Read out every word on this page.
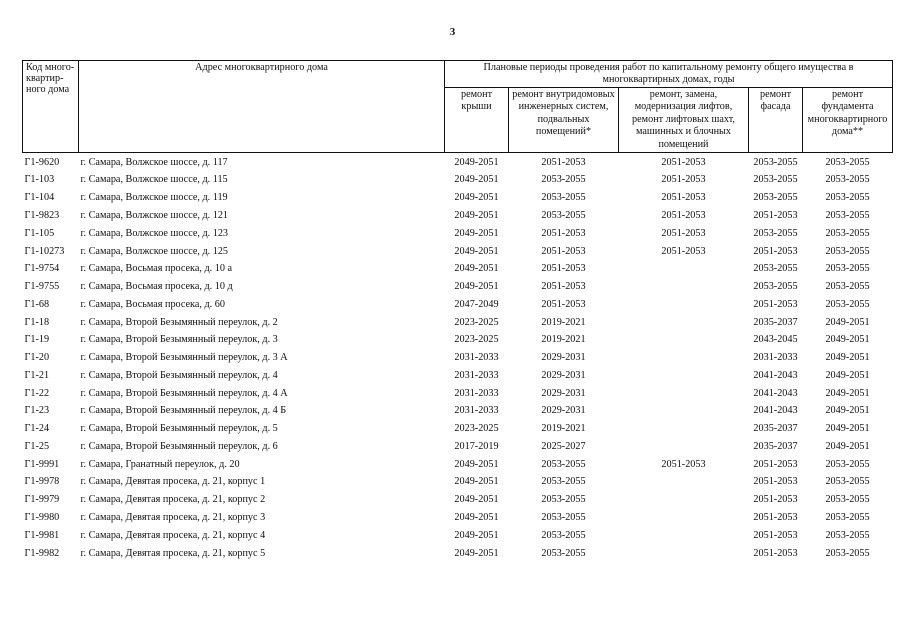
3
Код много-квартир-ного дома	Адрес многоквартирного дома	Плановые периоды проведения работ по капитальному ремонту общего имущества в многоквартирных домах, годы				
		ремонт крыши	ремонт внутридомовых инженерных систем, подвальных помещений*	ремонт, замена, модернизация лифтов, ремонт лифтовых шахт, машинных и блочных помещений	ремонт фасада	ремонт фундамента многоквартирного дома**
Г1-9620	г. Самара, Волжское шоссе, д. 117	2049-2051	2051-2053	2051-2053	2053-2055	2053-2055
Г1-103	г. Самара, Волжское шоссе, д. 115	2049-2051	2053-2055	2051-2053	2053-2055	2053-2055
Г1-104	г. Самара, Волжское шоссе, д. 119	2049-2051	2053-2055	2051-2053	2053-2055	2053-2055
Г1-9823	г. Самара, Волжское шоссе, д. 121	2049-2051	2053-2055	2051-2053	2051-2053	2053-2055
Г1-105	г. Самара, Волжское шоссе, д. 123	2049-2051	2051-2053	2051-2053	2053-2055	2053-2055
Г1-10273	г. Самара, Волжское шоссе, д. 125	2049-2051	2051-2053	2051-2053	2051-2053	2053-2055
Г1-9754	г. Самара, Восьмая просека, д. 10 а	2049-2051	2051-2053		2053-2055	2053-2055
Г1-9755	г. Самара, Восьмая просека, д. 10 д	2049-2051	2051-2053		2053-2055	2053-2055
Г1-68	г. Самара, Восьмая просека, д. 60	2047-2049	2051-2053		2051-2053	2053-2055
Г1-18	г. Самара, Второй Безымянный переулок, д. 2	2023-2025	2019-2021		2035-2037	2049-2051
Г1-19	г. Самара, Второй Безымянный переулок, д. 3	2023-2025	2019-2021		2043-2045	2049-2051
Г1-20	г. Самара, Второй Безымянный переулок, д. 3 А	2031-2033	2029-2031		2031-2033	2049-2051
Г1-21	г. Самара, Второй Безымянный переулок, д. 4	2031-2033	2029-2031		2041-2043	2049-2051
Г1-22	г. Самара, Второй Безымянный переулок, д. 4 А	2031-2033	2029-2031		2041-2043	2049-2051
Г1-23	г. Самара, Второй Безымянный переулок, д. 4 Б	2031-2033	2029-2031		2041-2043	2049-2051
Г1-24	г. Самара, Второй Безымянный переулок, д. 5	2023-2025	2019-2021		2035-2037	2049-2051
Г1-25	г. Самара, Второй Безымянный переулок, д. 6	2017-2019	2025-2027		2035-2037	2049-2051
Г1-9991	г. Самара, Гранатный переулок, д. 20	2049-2051	2053-2055	2051-2053	2051-2053	2053-2055
Г1-9978	г. Самара, Девятая просека, д. 21, корпус 1	2049-2051	2053-2055		2051-2053	2053-2055
Г1-9979	г. Самара, Девятая просека, д. 21, корпус 2	2049-2051	2053-2055		2051-2053	2053-2055
Г1-9980	г. Самара, Девятая просека, д. 21, корпус 3	2049-2051	2053-2055		2051-2053	2053-2055
Г1-9981	г. Самара, Девятая просека, д. 21, корпус 4	2049-2051	2053-2055		2051-2053	2053-2055
Г1-9982	г. Самара, Девятая просека, д. 21, корпус 5	2049-2051	2053-2055		2051-2053	2053-2055
